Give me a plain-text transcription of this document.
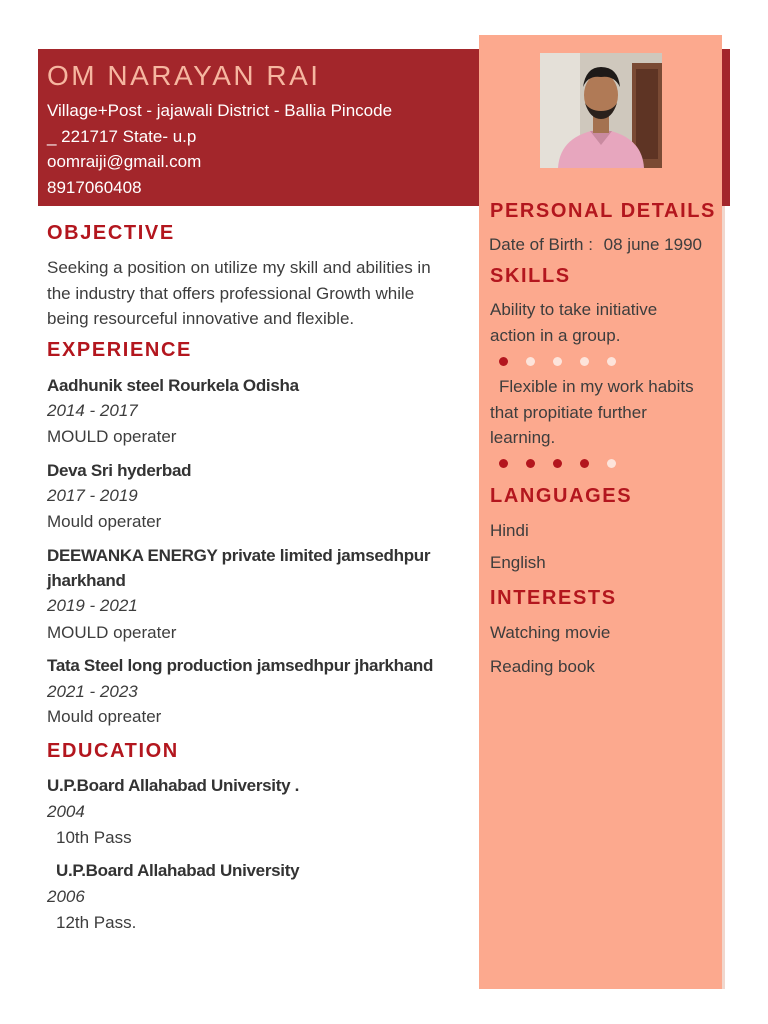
OM NARAYAN RAI
Village+Post - jajawali District - Ballia Pincode
_ 221717 State- u.p
oomraiji@gmail.com
8917060408
OBJECTIVE
Seeking a position on utilize my skill and abilities in
the industry that offers professional Growth while
being resourceful innovative and flexible.
EXPERIENCE
Aadhunik steel Rourkela Odisha
2014 - 2017
MOULD operater
Deva Sri hyderbad
2017 - 2019
Mould operater
DEEWANKA ENERGY private limited jamsedhpur
jharkhand
2019 - 2021
MOULD operater
Tata Steel long production jamsedhpur jharkhand
2021 - 2023
Mould opreater
EDUCATION
U.P.Board Allahabad University .
2004
10th Pass
U.P.Board Allahabad University
2006
12th Pass.
PERSONAL DETAILS
Date of Birth : 08 june 1990
SKILLS
Ability to take initiative
action in a group.
Flexible in my work habits
that propitiate further
learning.
LANGUAGES
Hindi
English
INTERESTS
Watching movie
Reading book
